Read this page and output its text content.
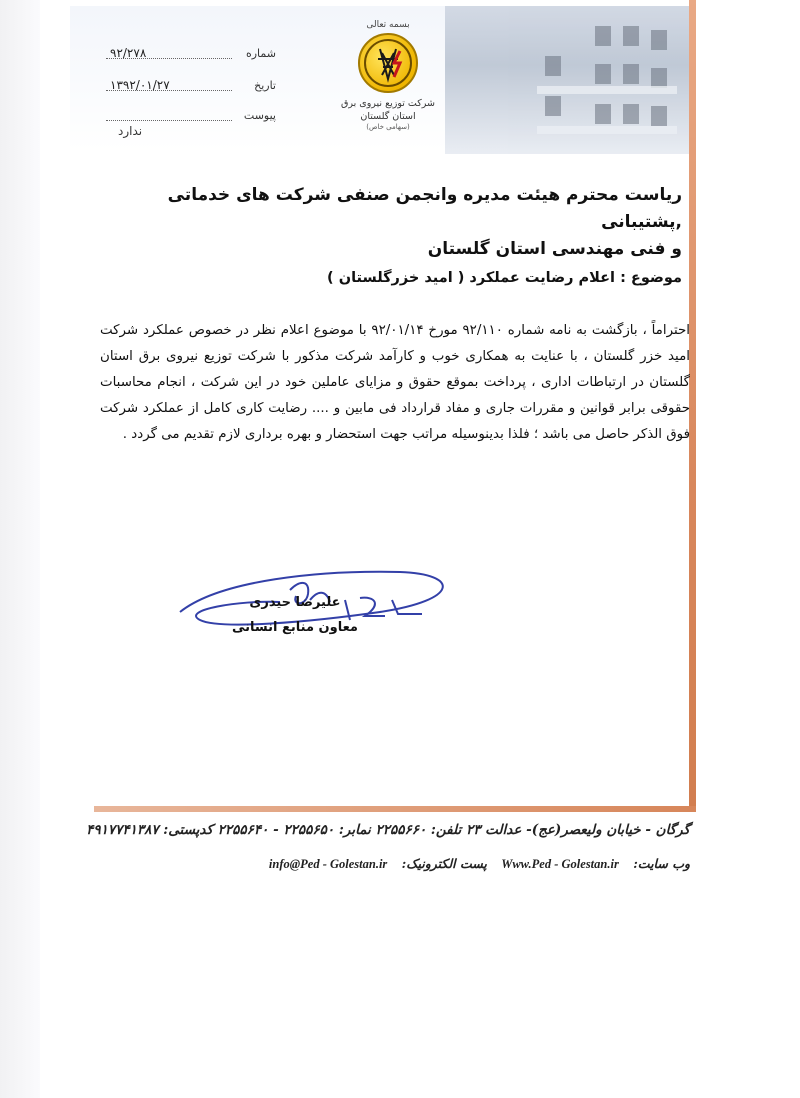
شماره
۹۲/۲۷۸
تاریخ
۱۳۹۲/۰۱/۲۷
پیوست
ندارد
بسمه تعالی
شرکت توزیع نیروی برق
استان گلستان
(سهامی خاص)
ریاست محترم هیئت مدیره وانجمن صنفی شرکت های خدماتی ,پشتیبانی
و فنی مهندسی استان گلستان
موضوع : اعلام رضایت عملکرد ( امید خزرگلستان )
احتراماً ، بازگشت به نامه شماره ۹۲/۱۱۰ مورخ ۹۲/۰۱/۱۴ با موضوع اعلام نظر در خصوص عملکرد شرکت امید خزر گلستان ، با عنایت به همکاری خوب و کارآمد شرکت مذکور با شرکت توزیع نیروی برق استان گلستان در ارتباطات اداری ، پرداخت بموقع حقوق و مزایای عاملین خود در این شرکت ، انجام محاسبات حقوقی برابر قوانین و مقررات جاری و مفاد قرارداد فی مابین و .... رضایت کاری کامل از عملکرد شرکت فوق الذکر حاصل می باشد ؛ فلذا بدینوسیله مراتب جهت استحضار و بهره برداری لازم تقدیم می گردد .
علیرضا حیدری
معاون منابع انسانی
گرگان - خیابان ولیعصر(عج)- عدالت ۲۳ تلفن: ۲۲۵۵۶۶۰ نمابر: ۲۲۵۵۶۵۰ - ۲۲۵۵۶۴۰ کدپستی: ۴۹۱۷۷۴۱۳۸۷
وب سایت: Www.Ped - Golestan.ir پست الکترونیک: info@Ped - Golestan.ir
